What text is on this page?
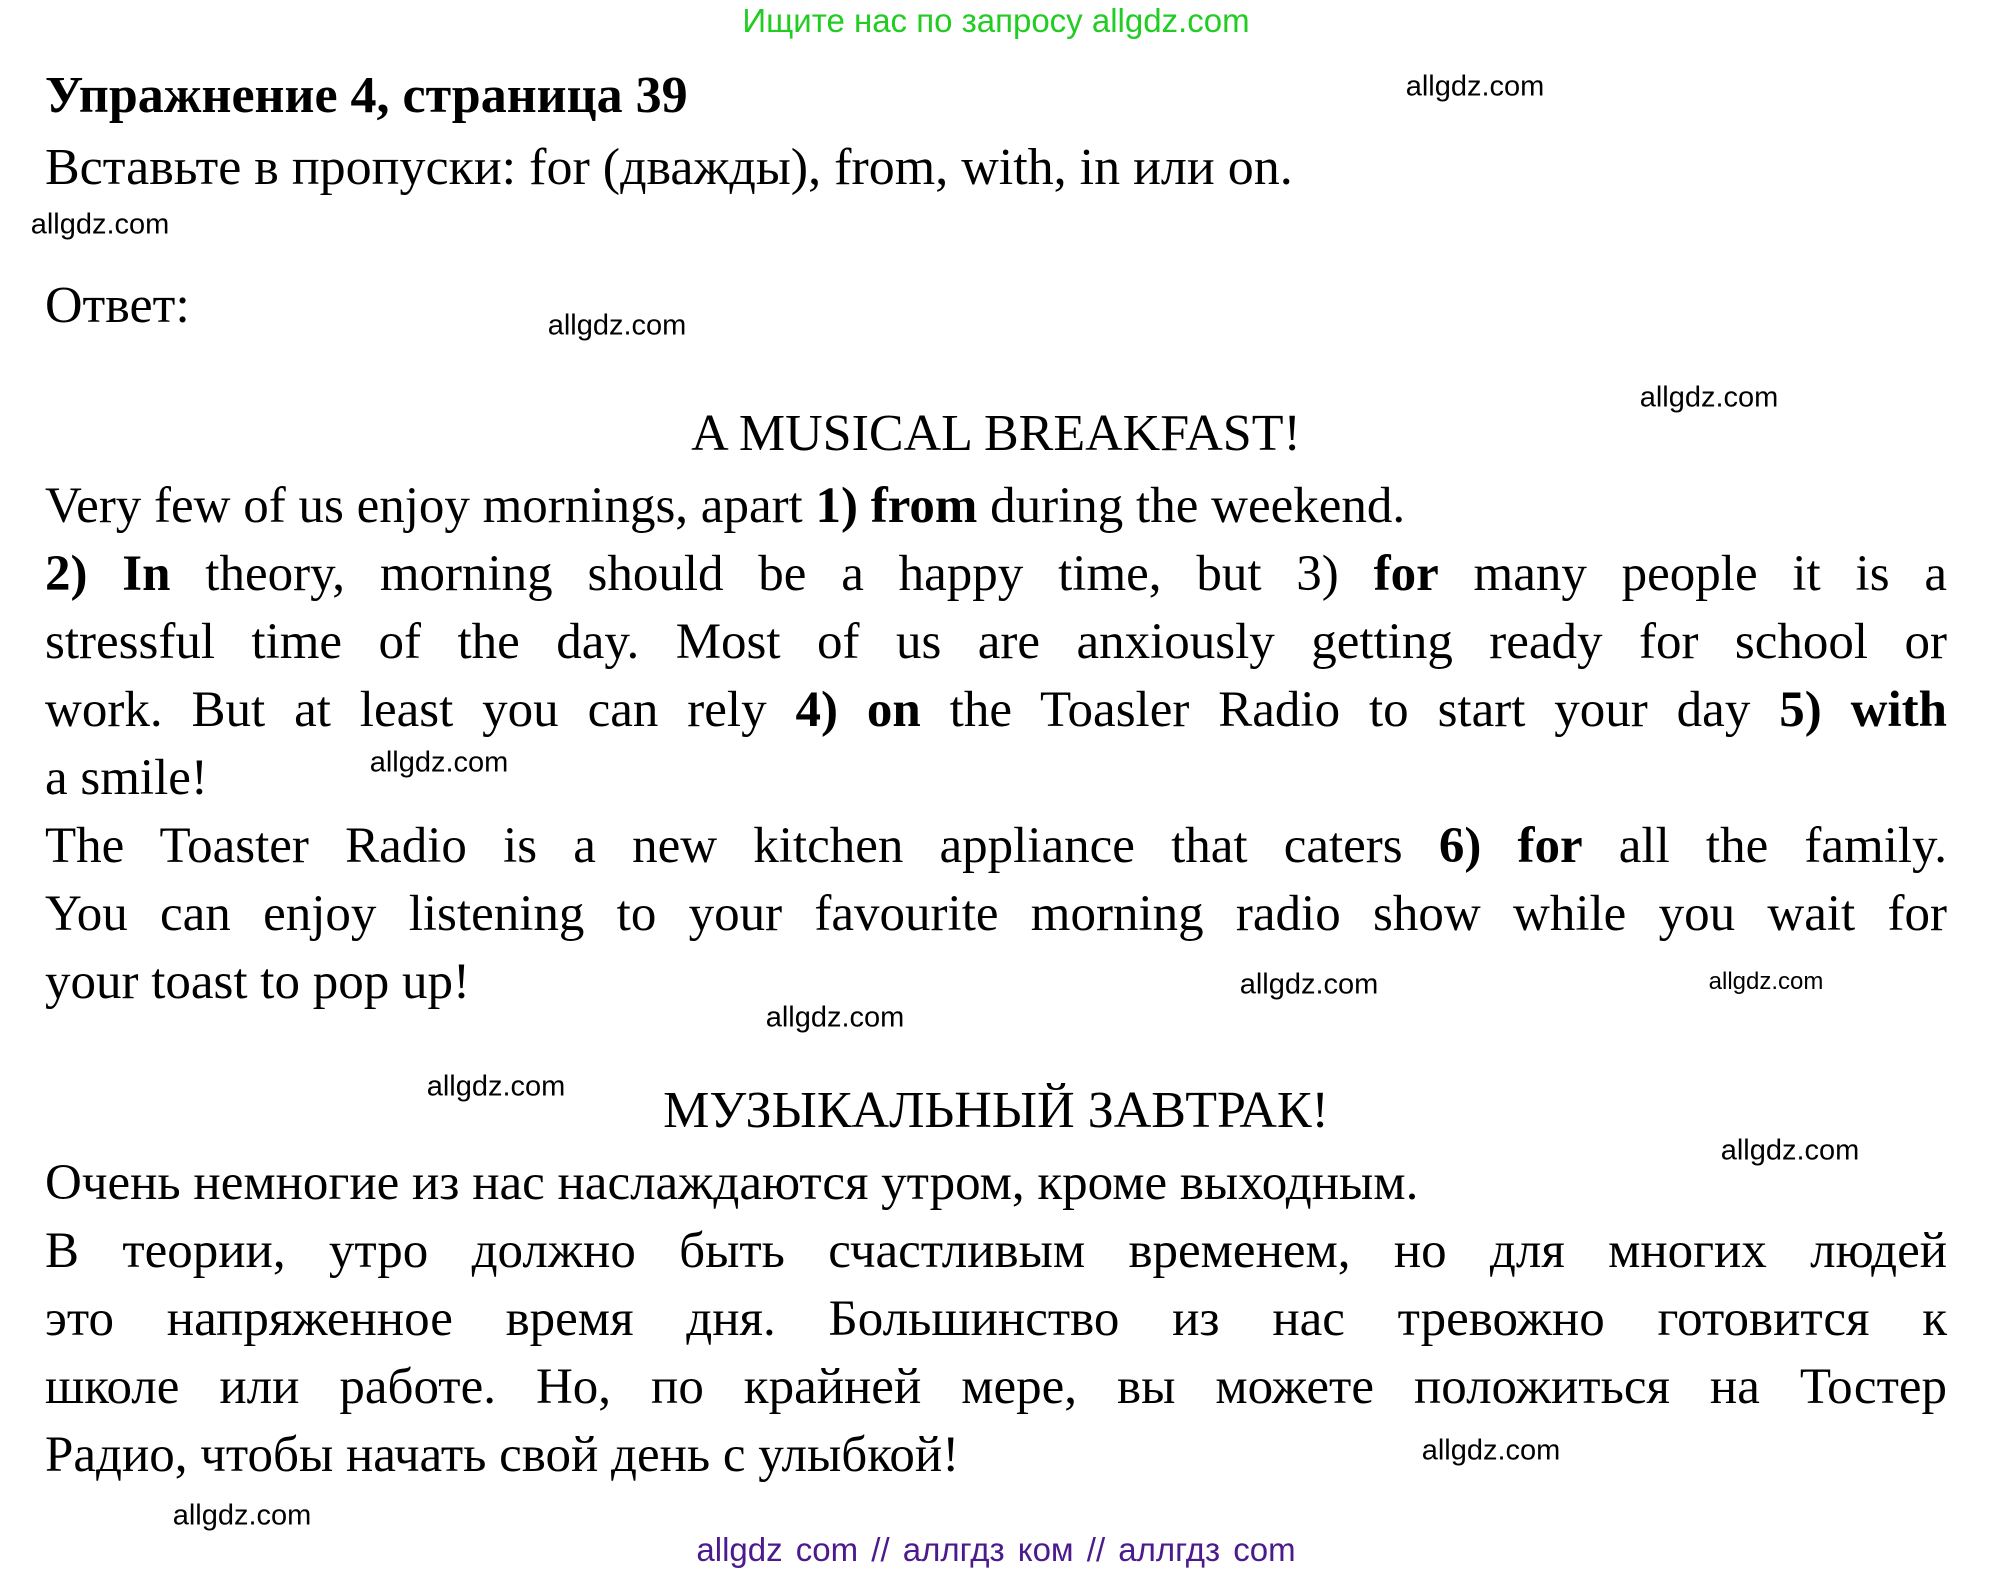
Ищите нас по запросу allgdz.com
Упражнение 4, страница 39
Вставьте в пропуски: for (дважды), from, with, in или on.
Ответ:
A MUSICAL BREAKFAST!
Very few of us enjoy mornings, apart 1) from during the weekend.
2) In theory, morning should be a happy time, but 3) for many people it is a
stressful time of the day. Most of us are anxiously getting ready for school or
work. But at least you can rely 4) on the Toasler Radio to start your day 5) with
a smile!
The Toaster Radio is a new kitchen appliance that caters 6) for all the family.
You can enjoy listening to your favourite morning radio show while you wait for
your toast to pop up!
МУЗЫКАЛЬНЫЙ ЗАВТРАК!
Очень немногие из нас наслаждаются утром, кроме выходным.
В теории, утро должно быть счастливым временем, но для многих людей
это напряженное время дня. Большинство из нас тревожно готовится к
школе или работе. Но, по крайней мере, вы можете положиться на Тостер
Радио, чтобы начать свой день с улыбкой!
allgdz.com
allgdz.com
allgdz.com
allgdz.com
allgdz.com
allgdz.com
allgdz.com
allgdz.com
allgdz.com
allgdz.com
allgdz.com
allgdz.com
allgdz com // аллгдз ком // аллгдз com
